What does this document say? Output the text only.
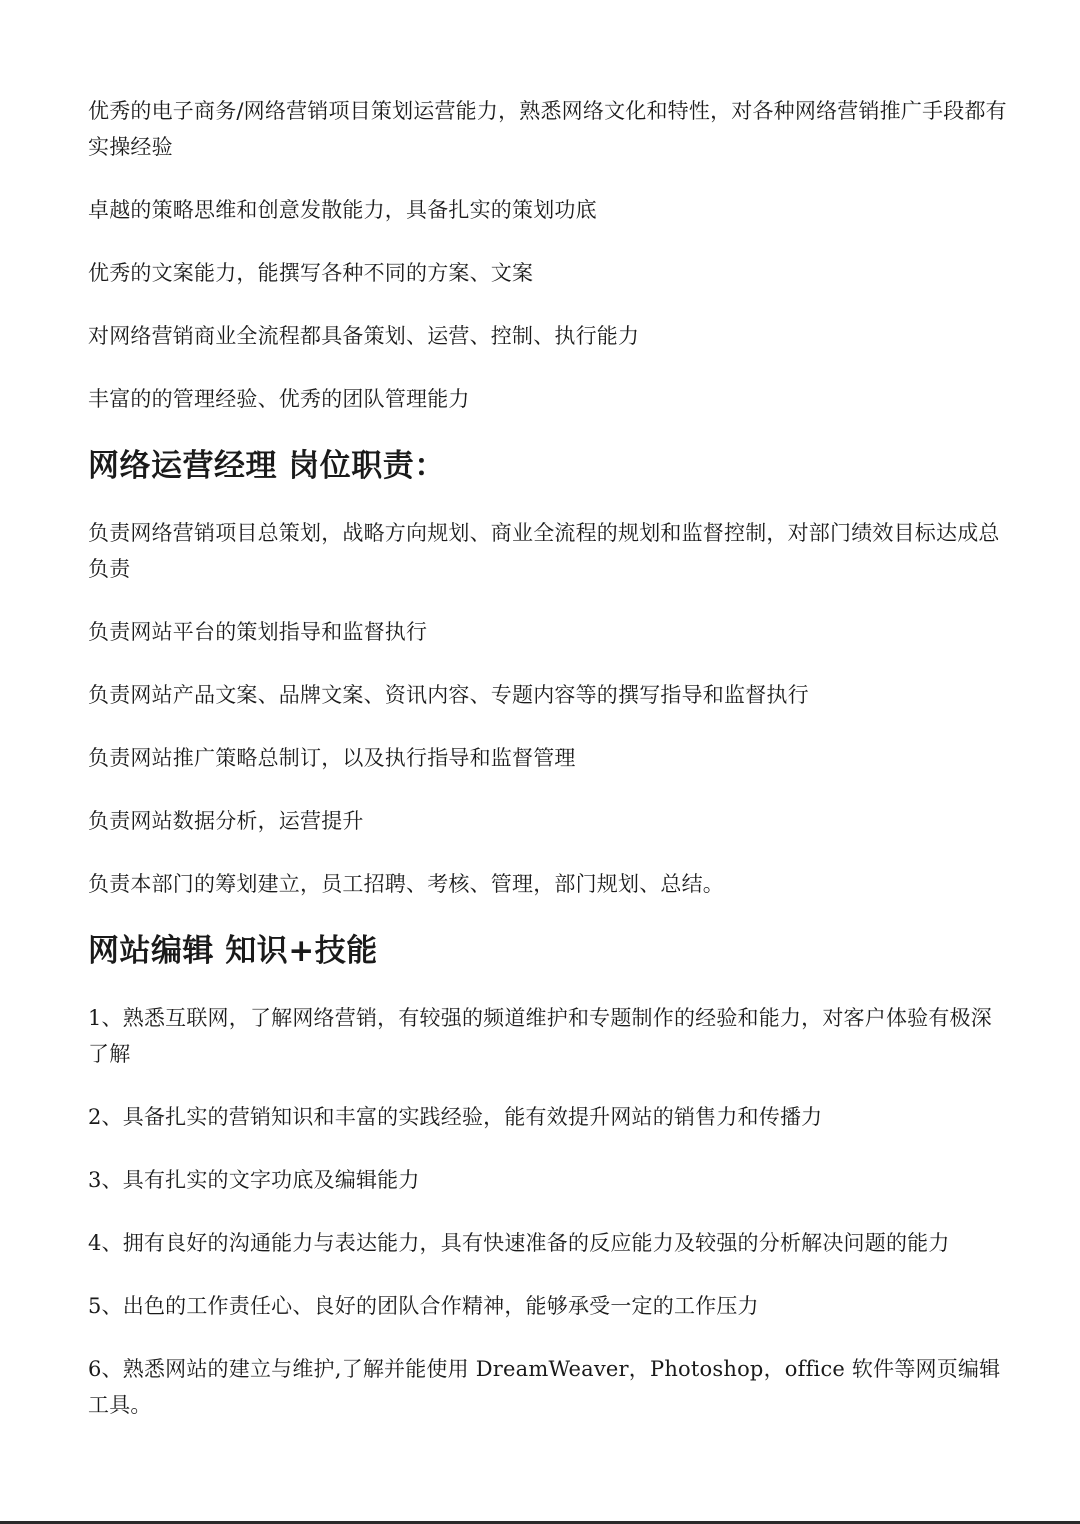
优秀的电子商务/网络营销项目策划运营能力，熟悉网络文化和特性，对各种网络营销推广手段都有实操经验

卓越的策略思维和创意发散能力，具备扎实的策划功底

优秀的文案能力，能撰写各种不同的方案、文案

对网络营销商业全流程都具备策划、运营、控制、执行能力

丰富的的管理经验、优秀的团队管理能力

网络运营经理 岗位职责：

负责网络营销项目总策划，战略方向规划、商业全流程的规划和监督控制，对部门绩效目标达成总负责

负责网站平台的策划指导和监督执行

负责网站产品文案、品牌文案、资讯内容、专题内容等的撰写指导和监督执行

负责网站推广策略总制订，以及执行指导和监督管理

负责网站数据分析，运营提升

负责本部门的筹划建立，员工招聘、考核、管理，部门规划、总结。

网站编辑 知识+技能

1、熟悉互联网，了解网络营销，有较强的频道维护和专题制作的经验和能力，对客户体验有极深了解

2、具备扎实的营销知识和丰富的实践经验，能有效提升网站的销售力和传播力

3、具有扎实的文字功底及编辑能力

4、拥有良好的沟通能力与表达能力，具有快速准备的反应能力及较强的分析解决问题的能力

5、出色的工作责任心、良好的团队合作精神，能够承受一定的工作压力

6、熟悉网站的建立与维护,了解并能使用 DreamWeaver，Photoshop，office 软件等网页编辑工具。
